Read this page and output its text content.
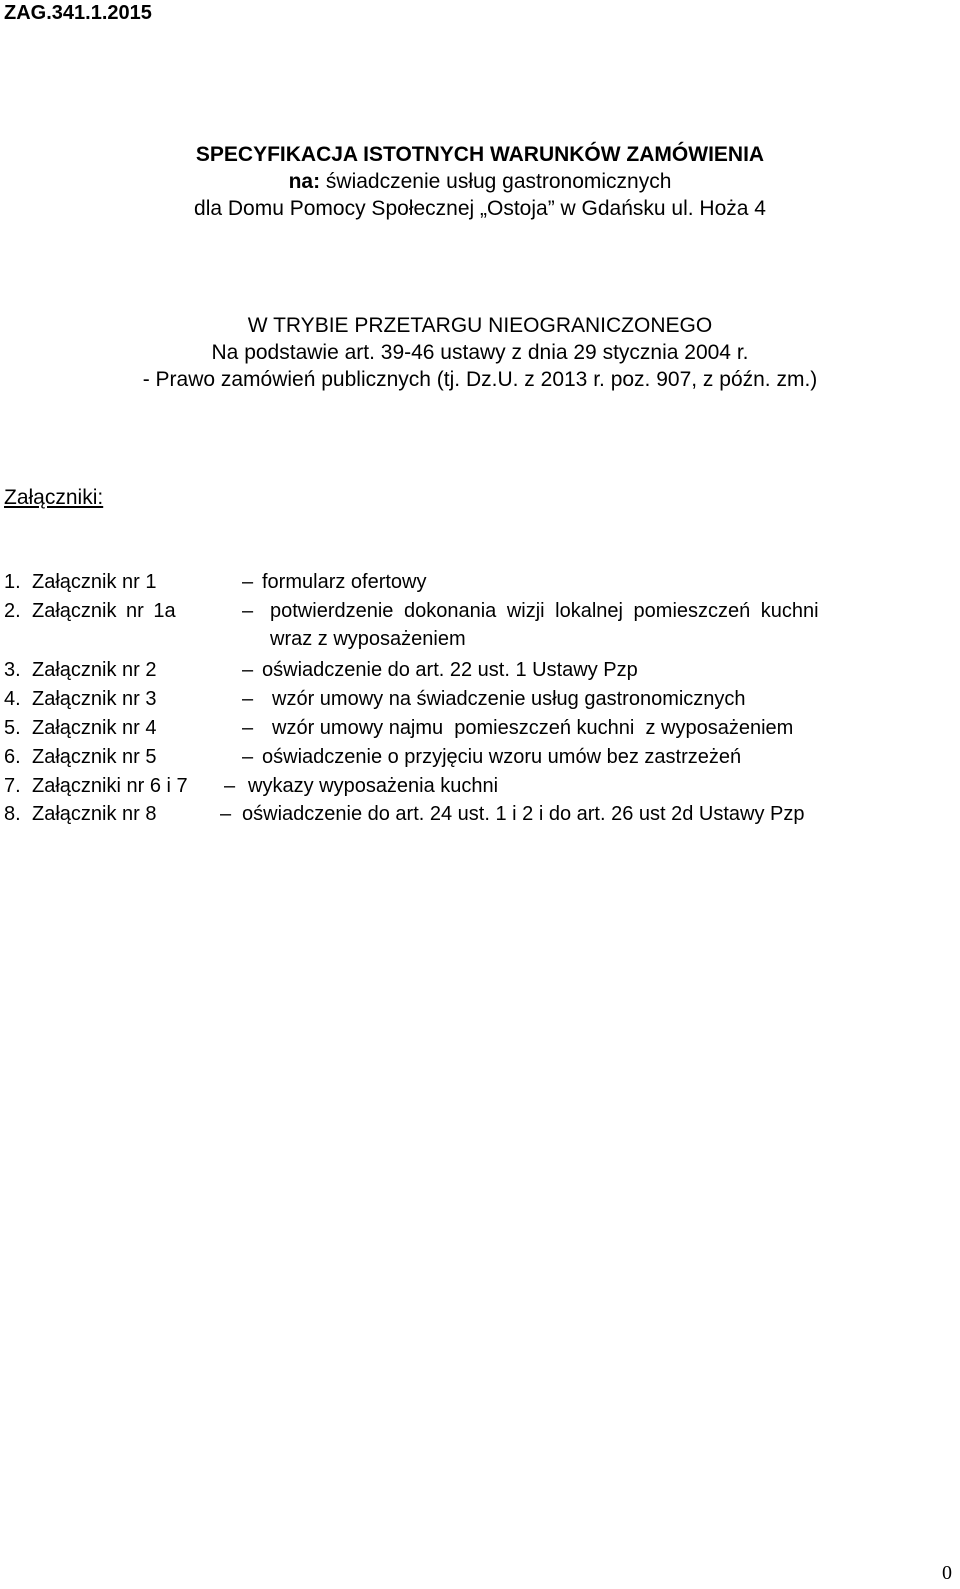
ZAG.341.1.2015
SPECYFIKACJA ISTOTNYCH WARUNKÓW ZAMÓWIENIA
na: świadczenie usług gastronomicznych
dla Domu Pomocy Społecznej „Ostoja” w Gdańsku ul. Hoża 4
W TRYBIE PRZETARGU NIEOGRANICZONEGO
Na podstawie art. 39-46 ustawy z dnia 29 stycznia 2004 r.
- Prawo zamówień publicznych (tj. Dz.U. z 2013 r. poz. 907, z późn. zm.)
Załączniki:
1. Załącznik nr 1	– formularz ofertowy
2. Załącznik nr 1a	– potwierdzenie dokonania wizji lokalnej pomieszczeń kuchni
wraz z wyposażeniem
3. Załącznik nr 2	– oświadczenie do art. 22 ust. 1 Ustawy Pzp
4. Załącznik nr 3	– wzór umowy na świadczenie usług gastronomicznych
5. Załącznik nr 4	– wzór umowy najmu  pomieszczeń kuchni  z wyposażeniem
6. Załącznik nr 5	– oświadczenie o przyjęciu wzoru umów bez zastrzeżeń
7. Załączniki nr 6 i 7 – wykazy wyposażenia kuchni
8. Załącznik nr 8	– oświadczenie do art. 24 ust. 1 i 2 i do art. 26 ust 2d Ustawy Pzp
0
